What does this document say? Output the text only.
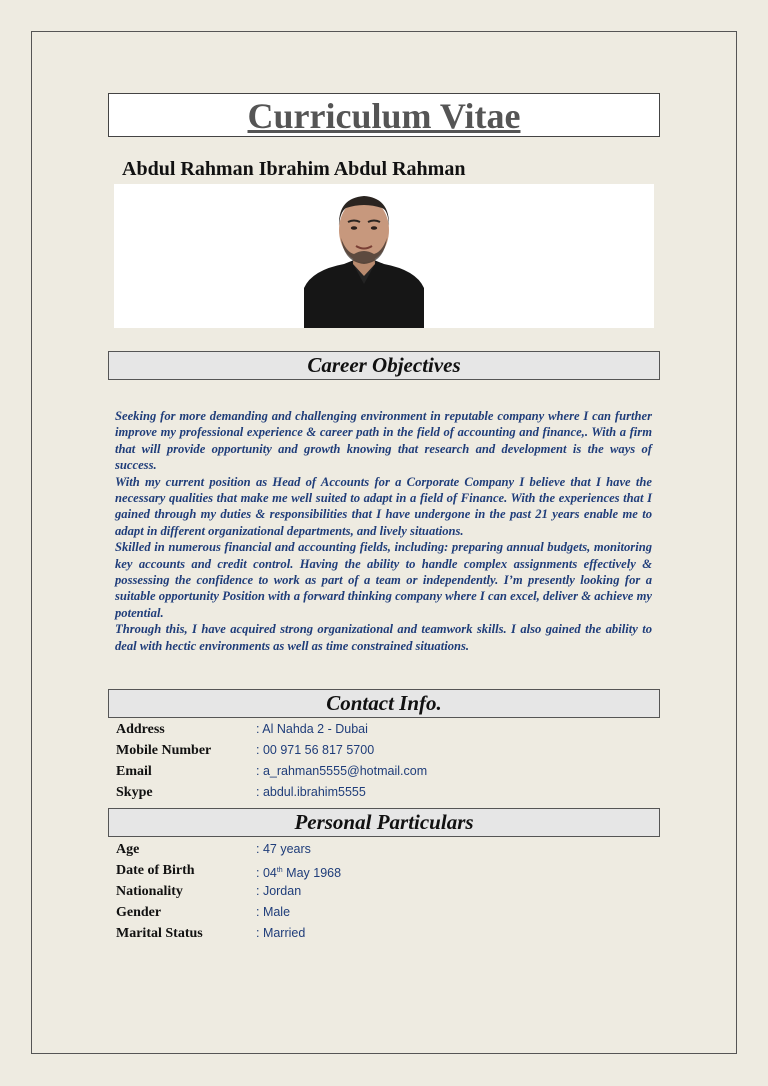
Curriculum Vitae
Abdul Rahman Ibrahim Abdul Rahman
Career Objectives

Seeking for more demanding and challenging environment in reputable company where I can further improve my professional experience & career path in the field of accounting and finance,. With a firm that will provide opportunity and growth knowing that research and development is the ways of success.

With my current position as Head of Accounts for a Corporate Company I believe that I have the necessary qualities that make me well suited to adapt in a field of Finance. With the experiences that I gained through my duties & responsibilities that I have undergone in the past 21 years enable me to adapt in different organizational departments, and lively situations.

Skilled in numerous financial and accounting fields, including: preparing annual budgets, monitoring key accounts and credit control. Having the ability to handle complex assignments effectively & possessing the confidence to work as part of a team or independently. I’m presently looking for a suitable opportunity Position with a forward thinking company where I can excel, deliver & achieve my potential.

Through this, I have acquired strong organizational and teamwork skills. I also gained the ability to deal with hectic environments as well as time constrained situations.

Contact Info.
Address	: Al Nahda 2 - Dubai
Mobile Number	: 00 971 56 817 5700
Email	: a_rahman5555@hotmail.com
Skype	: abdul.ibrahim5555
Personal Particulars
Age	: 47 years
Date of Birth	: 04th May 1968
Nationality	: Jordan
Gender	: Male
Marital Status	: Married
